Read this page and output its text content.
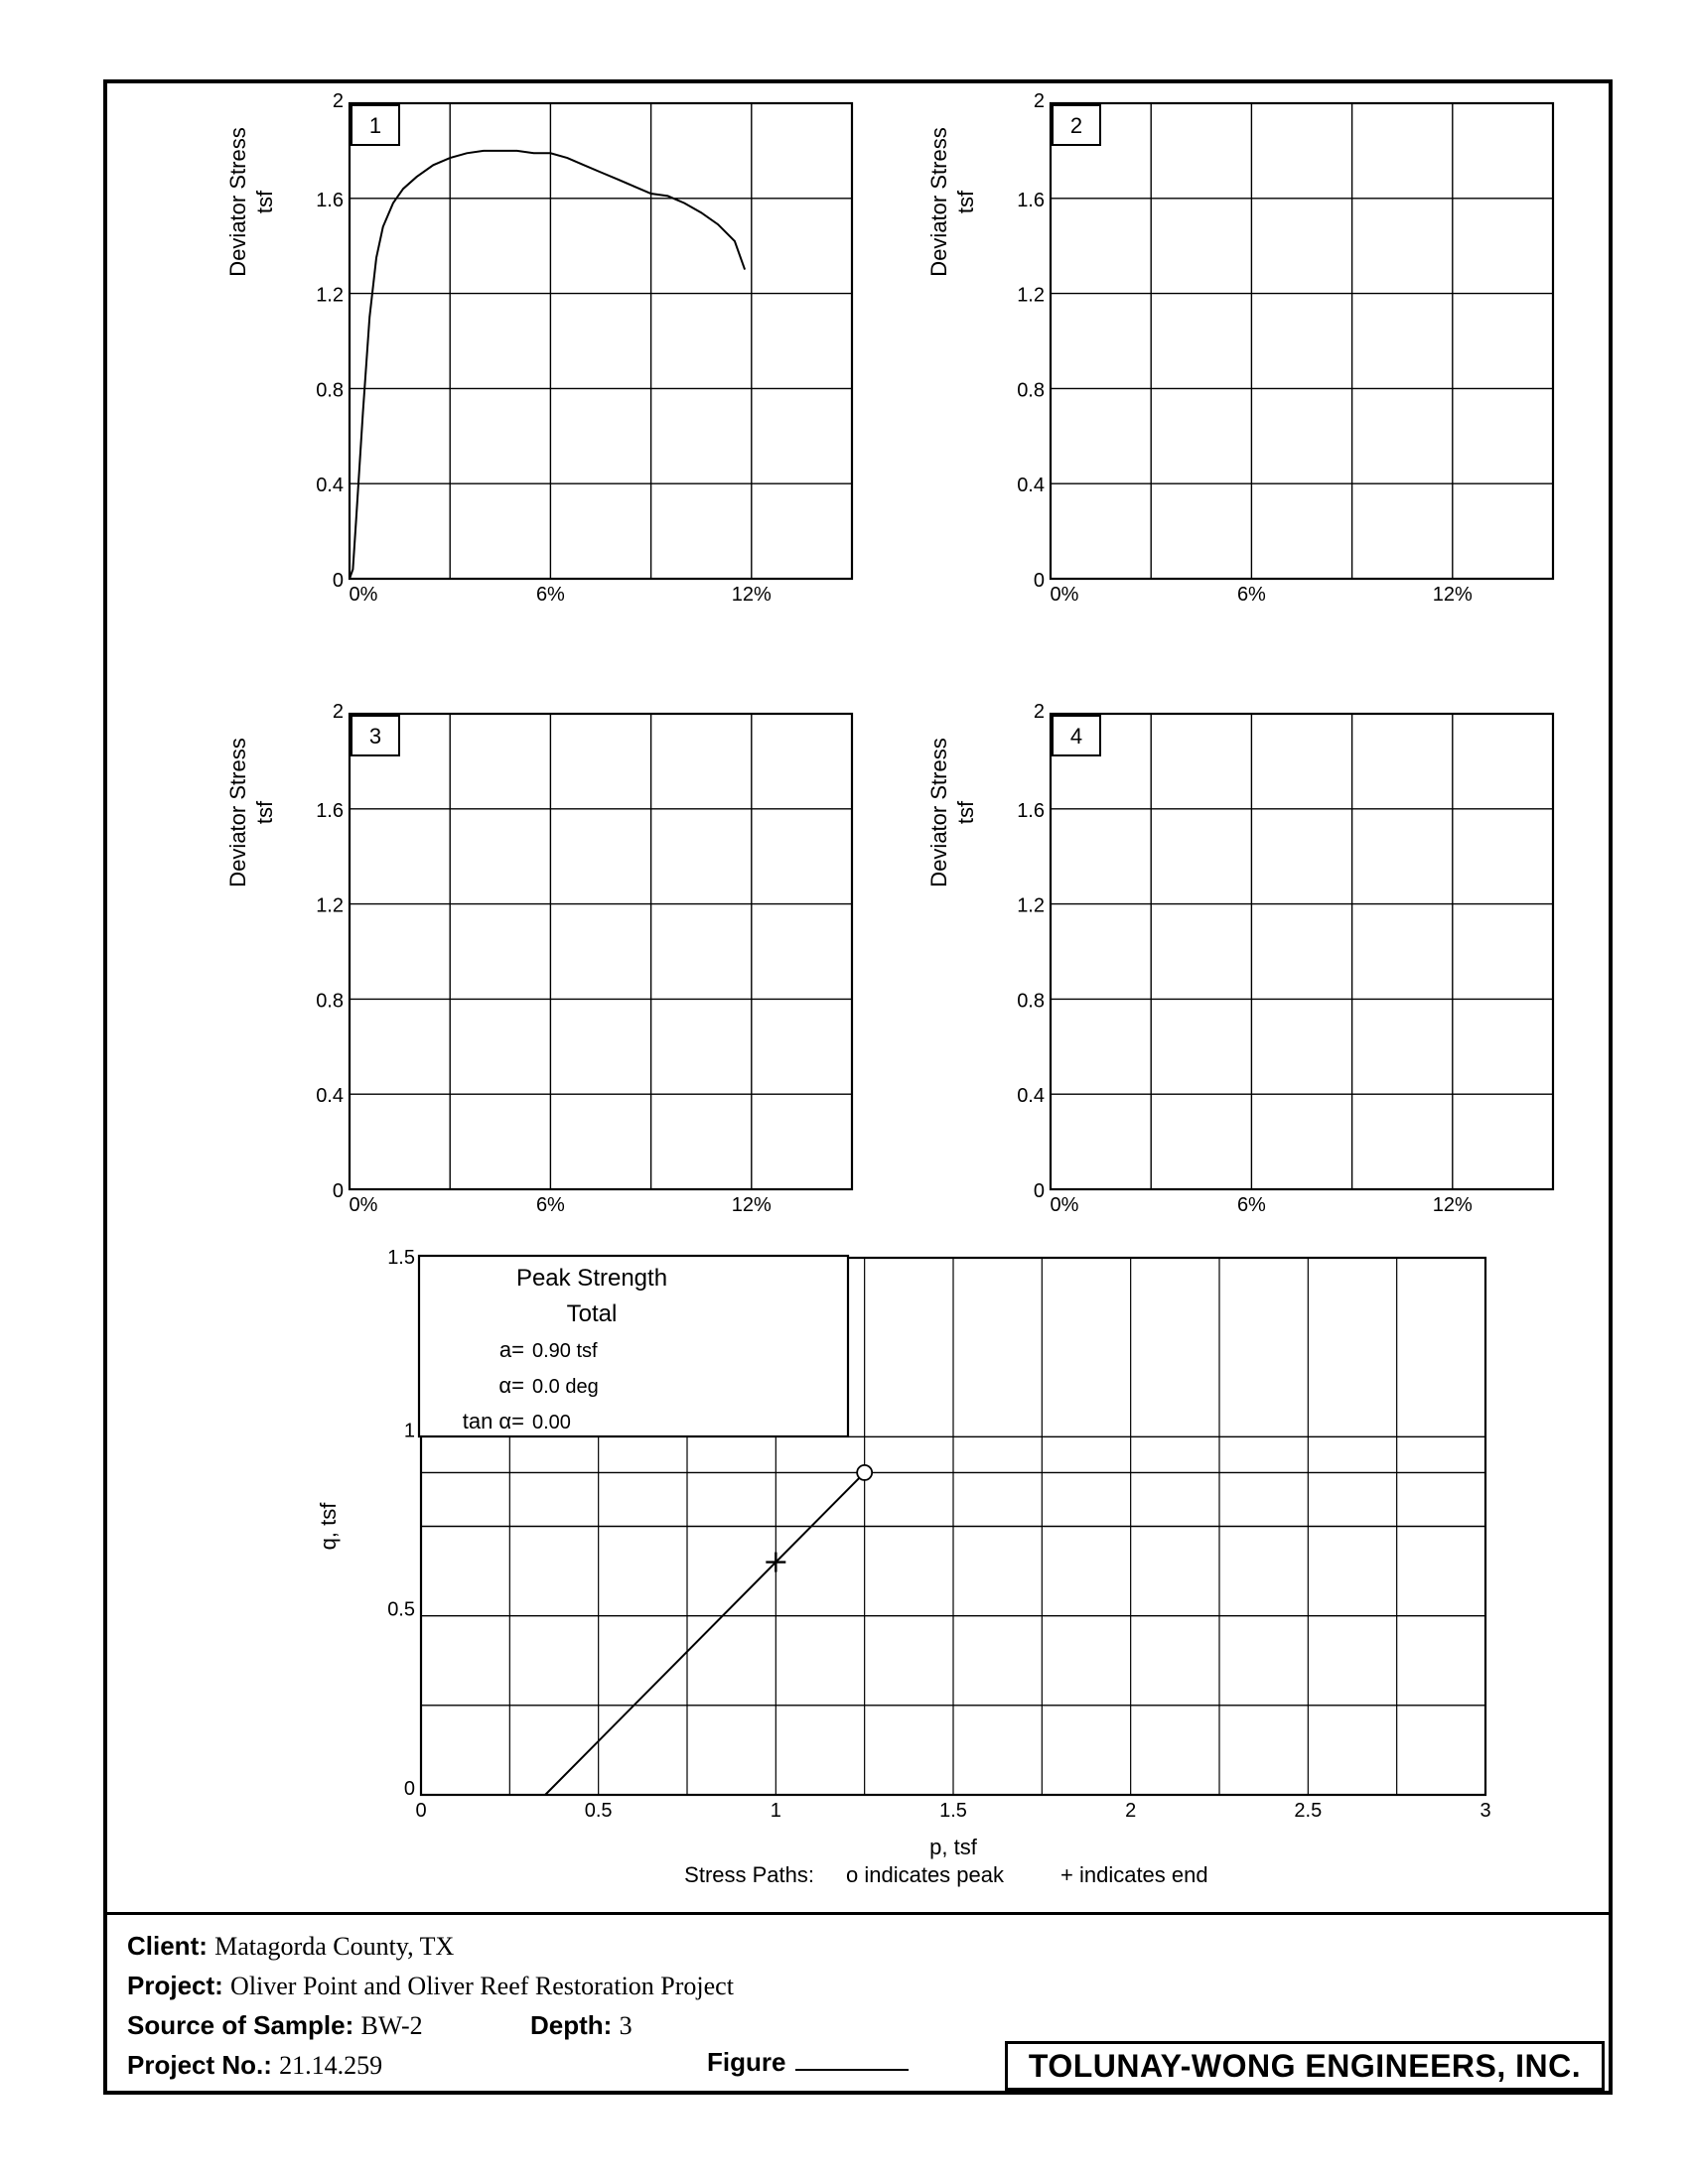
0
0.4
0.8
1.2
1.6
2
0%	6%	12%
1
Deviator Stress tsf
0
0.4
0.8
1.2
1.6
2
0%	6%	12%
2
Deviator Stress tsf
0
0.4
0.8
1.2
1.6
2
0%	6%	12%
3
Deviator Stress tsf
0
0.4
0.8
1.2
1.6
2
0%	6%	12%
4
Deviator Stress tsf
0	0.5	1	1.5	2	2.5	3
0
0.5
1
1.5
p, tsf
q, tsf
Peak Strength
Total
a= 0.90 tsf
α= 0.0 deg
tan α= 0.00
Stress Paths: o indicates peak	+ indicates end
Client: Matagorda County, TX
Project: Oliver Point and Oliver Reef Restoration Project
Source of Sample: BW-2	Depth: 3
Project No.: 21.14.259	Figure	TOLUNAY-WONG ENGINEERS, INC.
